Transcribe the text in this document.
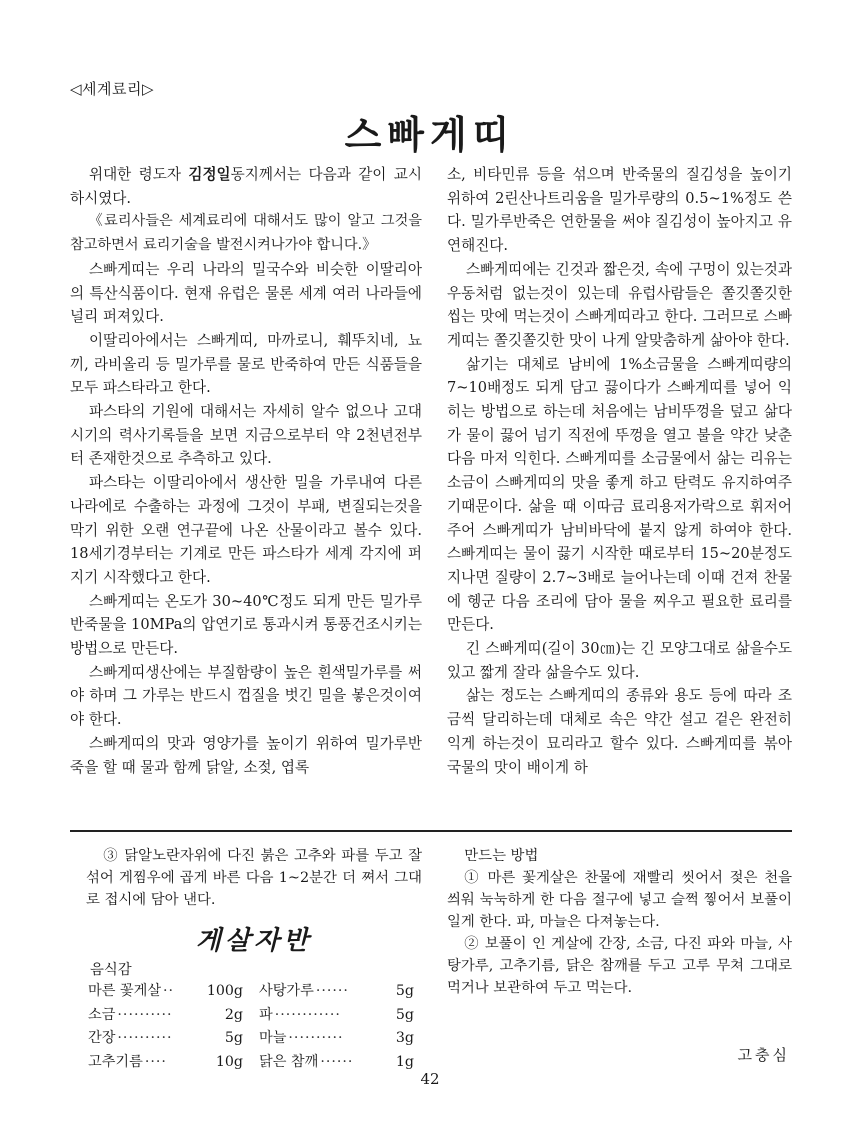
◁세계료리▷
스빠게띠

위대한 령도자 김정일동지께서는 다음과 같이 교시하시였다.

《료리사들은 세계료리에 대해서도 많이 알고 그것을 참고하면서 료리기술을 발전시켜나가야 합니다.》

스빠게띠는 우리 나라의 밀국수와 비슷한 이딸리아의 특산식품이다. 현재 유럽은 물론 세계 여러 나라들에 널리 퍼져있다.

이딸리아에서는 스빠게띠, 마까로니, 훼뚜치네, 뇨끼, 라비올리 등 밀가루를 물로 반죽하여 만든 식품들을 모두 파스타라고 한다.

파스타의 기원에 대해서는 자세히 알수 없으나 고대시기의 력사기록들을 보면 지금으로부터 약 2천년전부터 존재한것으로 추측하고 있다.

파스타는 이딸리아에서 생산한 밀을 가루내여 다른 나라에로 수출하는 과정에 그것이 부패, 변질되는것을 막기 위한 오랜 연구끝에 나온 산물이라고 볼수 있다. 18세기경부터는 기계로 만든 파스타가 세계 각지에 퍼지기 시작했다고 한다.

스빠게띠는 온도가 30~40℃정도 되게 만든 밀가루반죽물을 10MPa의 압연기로 통과시켜 통풍건조시키는 방법으로 만든다.

스빠게띠생산에는 부질함량이 높은 흰색밀가루를 써야 하며 그 가루는 반드시 껍질을 벗긴 밀을 봏은것이여야 한다.

스빠게띠의 맛과 영양가를 높이기 위하여 밀가루반죽을 할 때 물과 함께 닭알, 소젖, 엽록

소, 비타민류 등을 섞으며 반죽물의 질김성을 높이기 위하여 2린산나트리움을 밀가루량의 0.5~1%정도 쓴다. 밀가루반죽은 연한물을 써야 질김성이 높아지고 유연해진다.

스빠게띠에는 긴것과 짧은것, 속에 구멍이 있는것과 우동처럼 없는것이 있는데 유럽사람들은 쫄깃쫄깃한 씹는 맛에 먹는것이 스빠게띠라고 한다. 그러므로 스빠게띠는 쫄깃쫄깃한 맛이 나게 알맞춤하게 삶아야 한다.

삶기는 대체로 남비에 1%소금물을 스빠게띠량의 7~10배정도 되게 담고 끓이다가 스빠게띠를 넣어 익히는 방법으로 하는데 처음에는 남비뚜껑을 덮고 삶다가 물이 끓어 넘기 직전에 뚜껑을 열고 불을 약간 낮춘 다음 마저 익힌다. 스빠게띠를 소금물에서 삶는 리유는 소금이 스빠게띠의 맛을 좋게 하고 탄력도 유지하여주기때문이다. 삶을 때 이따금 료리용저가락으로 휘저어주어 스빠게띠가 남비바닥에 붙지 않게 하여야 한다. 스빠게띠는 물이 끓기 시작한 때로부터 15~20분정도 지나면 질량이 2.7~3배로 늘어나는데 이때 건져 찬물에 헹군 다음 조리에 담아 물을 찌우고 필요한 료리를 만든다.

긴 스빠게띠(길이 30㎝)는 긴 모양그대로 삶을수도 있고 짧게 잘라 삶을수도 있다.

삶는 정도는 스빠게띠의 종류와 용도 등에 따라 조금씩 달리하는데 대체로 속은 약간 설고 겉은 완전히 익게 하는것이 묘리라고 할수 있다. 스빠게띠를 볶아 국물의 맛이 배이게 하

③ 닭알노란자위에 다진 붉은 고추와 파를 두고 잘 섞어 게찜우에 곱게 바른 다음 1~2분간 더 쪄서 그대로 접시에 담아 낸다.

게살자반
음식감
마른 꽃게살 ··	100g 사탕가루 ······	5g
소금 ··········	2g 파 ············	5g
간장 ··········	5g 마늘 ··········	3g
고추기름 ····	10g 닭은 참깨 ······	1g

만드는 방법

① 마른 꽃게살은 찬물에 재빨리 씻어서 젖은 천을 씌워 눅눅하게 한 다음 절구에 넣고 슬쩍 찧어서 보풀이 일게 한다. 파, 마늘은 다져놓는다.

② 보풀이 인 게살에 간장, 소금, 다진 파와 마늘, 사탕가루, 고추기름, 닭은 참깨를 두고 고루 무쳐 그대로 먹거나 보관하여 두고 먹는다.

고충심
42
